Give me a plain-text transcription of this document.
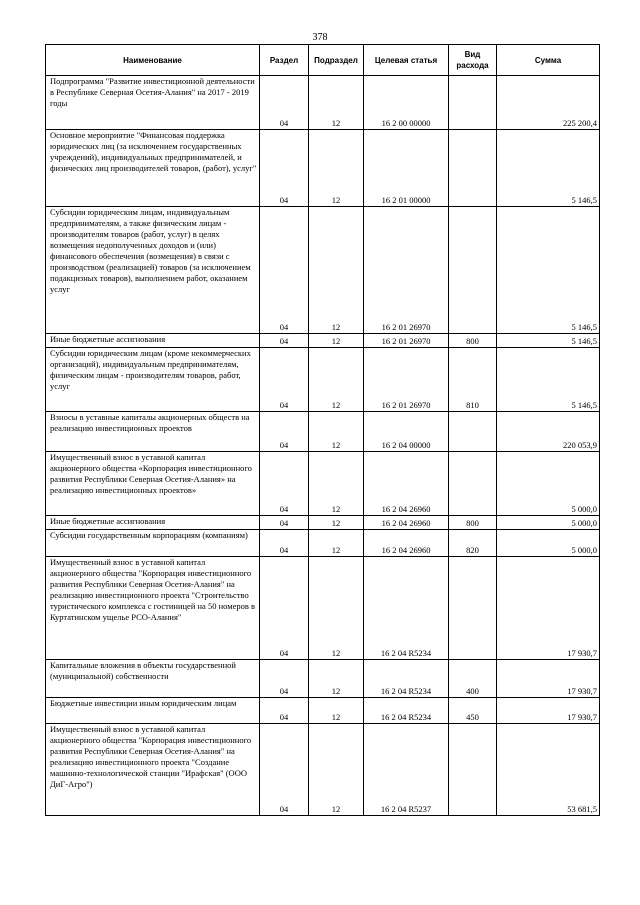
378
Наименование	Раздел	Подраздел	Целевая статья	Вид расхода	Сумма
Подпрограмма "Развитие инвестиционной деятельности в Республике Северная Осетия-Алания" на 2017 - 2019 годы	04	12	16 2 00 00000		225 200,4
Основное мероприятие "Финансовая поддержка юридических лиц (за исключением государственных учреждений), индивидуальных предпринимателей, и физических лиц производителей товаров, (работ), услуг"	04	12	16 2 01 00000		5 146,5
Субсидии юридическим лицам, индивидуальным предпринимателям, а также физическим лицам - производителям товаров (работ, услуг) в целях возмещения недополученных доходов и (или) финансового обеспечения (возмещения) в связи с производством (реализацией) товаров (за исключением подакцизных товаров), выполнением работ, оказанием услуг	04	12	16 2 01 26970		5 146,5
Иные бюджетные ассигнования	04	12	16 2 01 26970	800	5 146,5
Субсидии юридическим лицам (кроме некоммерческих организаций), индивидуальным предпринимателям, физическим лицам - производителям товаров, работ, услуг	04	12	16 2 01 26970	810	5 146,5
Взносы в уставные капиталы акционерных обществ на реализацию инвестиционных проектов	04	12	16 2 04 00000		220 053,9
Имущественный взнос в уставной капитал акционерного общества «Корпорация инвестиционного развития Республики Северная Осетия-Алания» на реализацию инвестиционных проектов»	04	12	16 2 04 26960		5 000,0
Иные бюджетные ассигнования	04	12	16 2 04 26960	800	5 000,0
Субсидии государственным корпорациям (компаниям)	04	12	16 2 04 26960	820	5 000,0
Имущественный взнос в уставной капитал акционерного общества "Корпорация инвестиционного развития Республики Северная Осетия-Алания" на реализацию инвестиционного проекта "Строительство туристического комплекса с гостиницей на 50 номеров в Куртатинском ущелье РСО-Алания"	04	12	16 2 04 R5234		17 930,7
Капитальные вложения в объекты государственной (муниципальной) собственности	04	12	16 2 04 R5234	400	17 930,7
Бюджетные инвестиции иным юридическим лицам	04	12	16 2 04 R5234	450	17 930,7
Имущественный взнос в уставной капитал акционерного общества "Корпорация инвестиционного развития Республики Северная Осетия-Алания" на реализацию инвестиционного проекта "Создание машинно-технологической станции "Ирафская" (ООО ДиГ-Агро")	04	12	16 2 04 R5237		53 681,5
